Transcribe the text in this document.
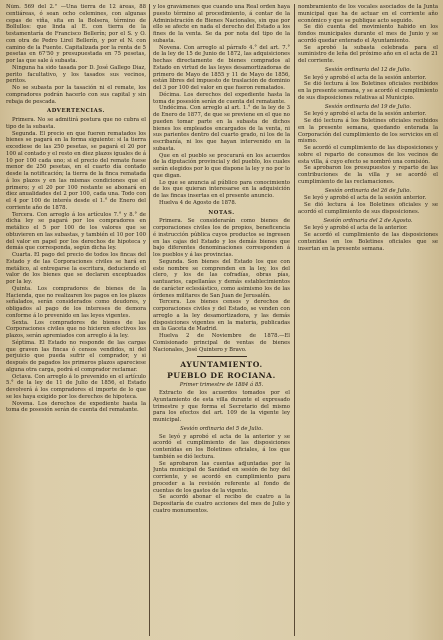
Núm. 569 del 2.° —Una tierra de 12 áreas, 88 centiáreas, ó sean ocho celemines, con algunas cepas de viña, sita en la Bolsera, término de Bollullos: que linda al E. con tierra de la testamentaría de Francisco Bellerín; por el S. y O. con otra de Pedro Lirel Bellerín, y por el N. con camino de la Fuente. Capitalizada por la renta de 5 pesetas en 67'50 y presupuestada en 75 pesetas, por las que sale á subasta.

Ninguna ha sido tasada por D. José Gallego Diaz, perito facultativo, y los tasados sus vecinos, peritos.

No se subasta por la tasación ni el remate, los compradores podrán hacerlo con sus capital y sin rebaja de pescada.

ADVERTENCIAS.

Primera. No se admitirá postura que no cubra el tipo de la subasta.

Segunda. El precio en que fueren rematados los bienes se pagará en la forma siguiente: si la tierra excediese de las 250 pesetas, se pagará el 20 por 100 al contado y el resto en diez plazos iguales de á 10 por 100 cada uno; si el precio del remate fuese menor de 250 pesetas, en el cuarto día contado desde la notificación; la tierra de la finca rematada á los plazos y en las mismas condiciones que el primero; y el 20 por 100 restante se abonará en diez anualidades del 2 por 100, cada una. Todo con el 4 por 100 de interés desde el 1.° de Enero del corriente año de 1878.

Tercera. Con arreglo á los artículos 7.° y 8.° de dicha ley se pagará por los compradores en metálico el 5 por 100 de los valores que se obtuvieren en las subastas, y también el 10 por 100 del valor en papel por los derechos de hipoteca y demás que corresponda, según dicha ley.

Cuarta. El pago del precio de todos los fincas del Estado y de las Corporaciones civiles se hará en metálico, al entregarse la escritura, deduciendo el valor de los bienes que se declaren exceptuados por la ley.

Quinta. Los compradores de bienes de la Hacienda, que no realizaren los pagos en los plazos señalados, serán considerados como deudores, y obligados al pago de los intereses de demora conforme á lo prevenido en las leyes vigentes.

Sexta. Los compradores de bienes de las Corporaciones civiles que no hicieren efectivos los plazos, serán apremiados con arreglo á la ley.

Séptima. El Estado no responde de las cargas que graven las fincas ó censos vendidos, ni del perjuicio que pueda sufrir el comprador, y si después de pagados los primeros plazos apareciese alguna otra carga, podrá el comprador reclamar.

Octava. Con arreglo á lo prevenido en el artículo 5.° de la ley de 11 de Julio de 1856, el Estado devolverá á los compradores el importe de lo que se les haya exigido por los derechos de hipoteca.

Novena. Los derechos de expediente hasta la toma de posesión serán de cuenta del rematante.

y los gravámenes que cuando una Real orden haya puesto término al procedimiento, á contar de la Administración de Bienes Nacionales, sin que por ello se afecte en nada el derecho del Estado a los fines de la venta. Se da por nota del tipo de la subasta.

Novena. Con arreglo al párrafo 4.° del art. 7.° de la ley de 15 de Junio de 1872, las adquisiciones hechas directamente de bienes comprados al Estado en virtud de las leyes desamortizadoras de primero de Mayo de 1855 y 11 de Mayo de 1856, están libres del impuesto de traslación de dominio del 3 por 100 del valor en que fueron rematados.

Décima. Los derechos del expediente hasta la toma de posesión serán de cuenta del rematante.

Undécima. Con arreglo al art. 1.° de la ley de 3 de Enero de 1877, de que se previene en el que no pueden tomar parte en la subasta de dichos bienes los empleados encargados de la venta, ni sus parientes dentro del cuarto grado, ni los de la escribanía, ni los que hayan intervenido en la subasta.

Que en el pueblo se procurará en los acuerdos de la diputación provincial y del pueblo, los cuales serán elegidos por lo que dispone la ley y no por lo que digan.

Lo que se anuncia al público para conocimiento de los que quieran interesarse en la adquisición de las fincas insertas en el presente anuncio.

Huelva 4 de Agosto de 1878.

NOTAS.

Primera. Se considerarán como bienes de corporaciones civiles los de propios, beneficencia é instrucción pública cuyos productos se ingresen en las cajas del Estado y los demás bienes que bajo diferentes denominaciones corresponden á los pueblos y á las provincias.

Segunda. Son bienes del Estado los que con este nombre se comprenden en la ley, los del clero, y los de las cofradías, obras pías, santuarios, capellanías y demás establecimientos de carácter eclesiástico, como asimismo los de las órdenes militares de San Juan de Jerusalén.

Tercera. Los bienes censos y derechos de corporaciones civiles y del Estado, se venden con arreglo a la ley desamortizadora, y las demás disposiciones vigentes en la materia, publicadas en la Gaceta de Madrid.

Huelva 2 de Noviembre de 1878.—El Comisionado principal de ventas de bienes Nacionales, José Quintero y Bravo.

AYUNTAMIENTO.
PUEBLO DE ROCIANA.
Primer trimestre de 1884 á 85.

Extracto de los acuerdos tomados por el Ayuntamiento de esta villa durante el expresado trimestre y que forma el Secretario del mismo para los efectos del art. 109 de la vigente ley municipal.

Sesión ordinaria del 5 de Julio.

Se leyó y aprobó el acta de la anterior y se acordó el cumplimiento de las disposiciones contenidas en los Boletines oficiales, á los que también se dió lectura.

Se aprobaron las cuentas adjuntadas por la Junta municipal de Sanidad en sesión de hoy del corriente, y se acordó en cumplimiento para proceder a la revisión referente al fondo de cuentas de los gastos de la vigente.

Se acordó abonar el recibo de cuatro a la Depositaría de cuatro acciones del mes de Julio y cuatro monumentos.

nombramiento de los vocales asociados de la Junta municipal que ha de actuar en el corriente año económico y que se publique acto seguido.

Se dió cuenta del movimiento habido en los fondos municipales durante el mes de Junio y se acordó quedar enterado el Ayuntamiento.

Se aprobó la subasta celebrada para el suministro de leña del próximo año en el acta de 21 del corriente.

Sesión ordinaria del 12 de Julio.

Se leyó y aprobó el acta de la sesión anterior.

Se dió lectura á los Boletines oficiales recibidos en la presente semana, y se acordó el cumplimiento de sus disposiciones relativas al Municipio.

Sesión ordinaria del 19 de Julio.

Se leyó y aprobó el acta de la sesión anterior.

Se dió lectura á los Boletines oficiales recibidos en la presente semana, quedando enterada la Corporación del cumplimiento de los servicios en el mismo.

Se acordó el cumplimiento de las disposiciones y sobre el reparto de consumos de los vecinos de esta villa, á cuyo efecto se nombró una comisión.

Se aprobaron los presupuestos y reparto de las contribuciones de la villa y se acordó el cumplimiento de las reclamaciones.

Sesión ordinaria del 26 de Julio.

Se leyó y aprobó el acta de la sesión anterior.

Se dió lectura á los Boletines oficiales y se acordó el cumplimiento de sus disposiciones.

Sesión ordinaria del 2 de Agosto.

Se leyó y aprobó el acta de la anterior.

Se acordó el cumplimiento de las disposiciones contenidas en los Boletines oficiales que se insertan en la presente semana.
